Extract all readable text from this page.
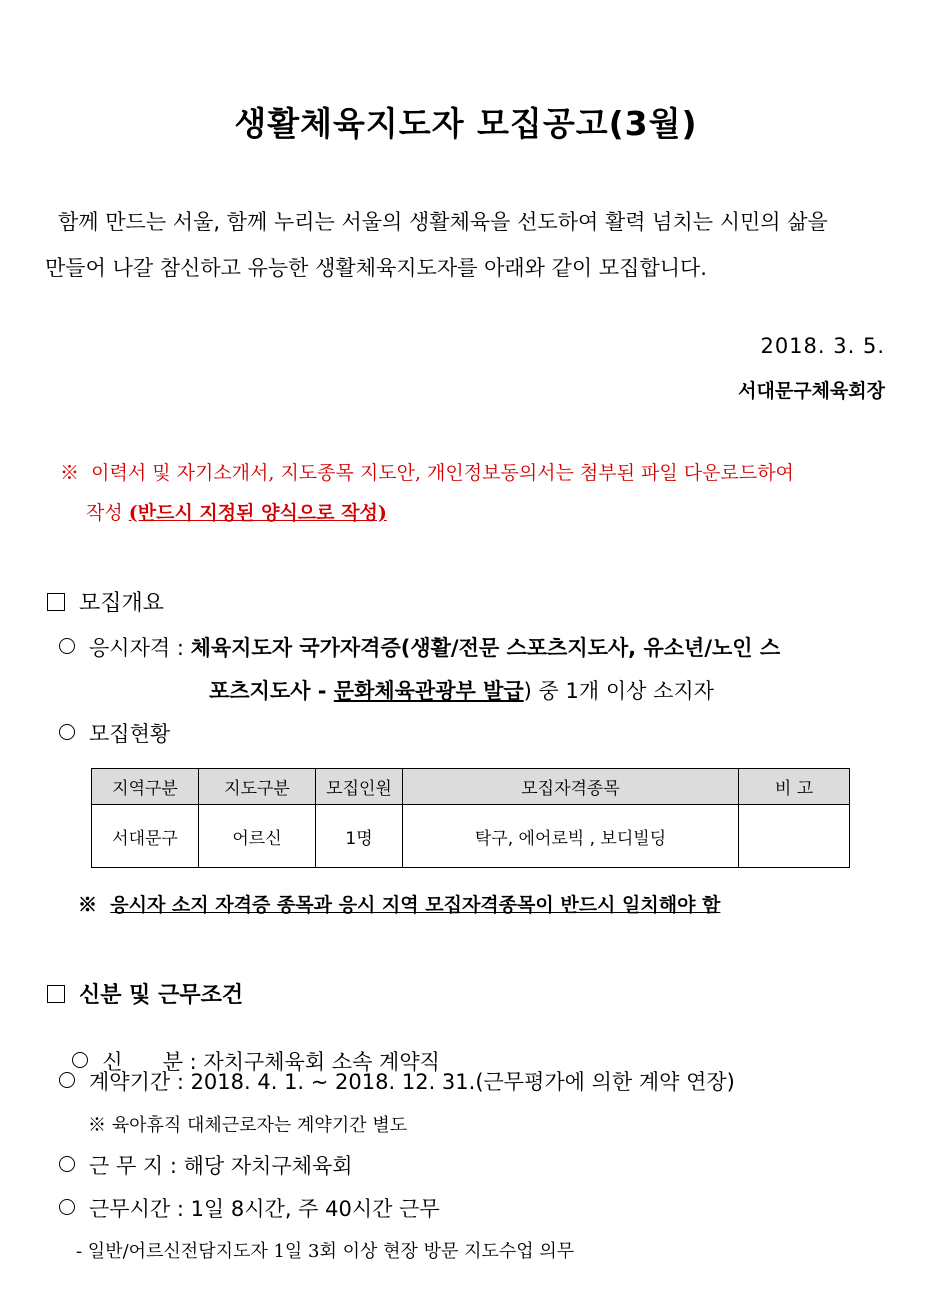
생활체육지도자 모집공고(3월)
함께 만드는 서울, 함께 누리는 서울의 생활체육을 선도하여 활력 넘치는 시민의 삶을
만들어 나갈 참신하고 유능한 생활체육지도자를 아래와 같이 모집합니다.
2018. 3. 5.
서대문구체육회장
※ 이력서 및 자기소개서, 지도종목 지도안, 개인정보동의서는 첨부된 파일 다운로드하여
작성 (반드시 지정된 양식으로 작성)
모집개요
응시자격 : 체육지도자 국가자격증(생활/전문 스포츠지도사, 유소년/노인 스
포츠지도사 - 문화체육관광부 발급) 중 1개 이상 소지자
모집현황
지역구분	지도구분	모집인원	모집자격종목	비 고
서대문구	어르신	1명	탁구, 에어로빅 , 보디빌딩	
※ 응시자 소지 자격증 종목과 응시 지역 모집자격종목이 반드시 일치해야 함
신분 및 근무조건

신      분 : 자치구체육회 소속 계약직

계약기간 : 2018. 4. 1. ~ 2018. 12. 31.(근무평가에 의한 계약 연장)
※ 육아휴직 대체근로자는 계약기간 별도
근 무 지 : 해당 자치구체육회
근무시간 : 1일 8시간, 주 40시간 근무
- 일반/어르신전담지도자 1일 3회 이상 현장 방문 지도수업 의무
